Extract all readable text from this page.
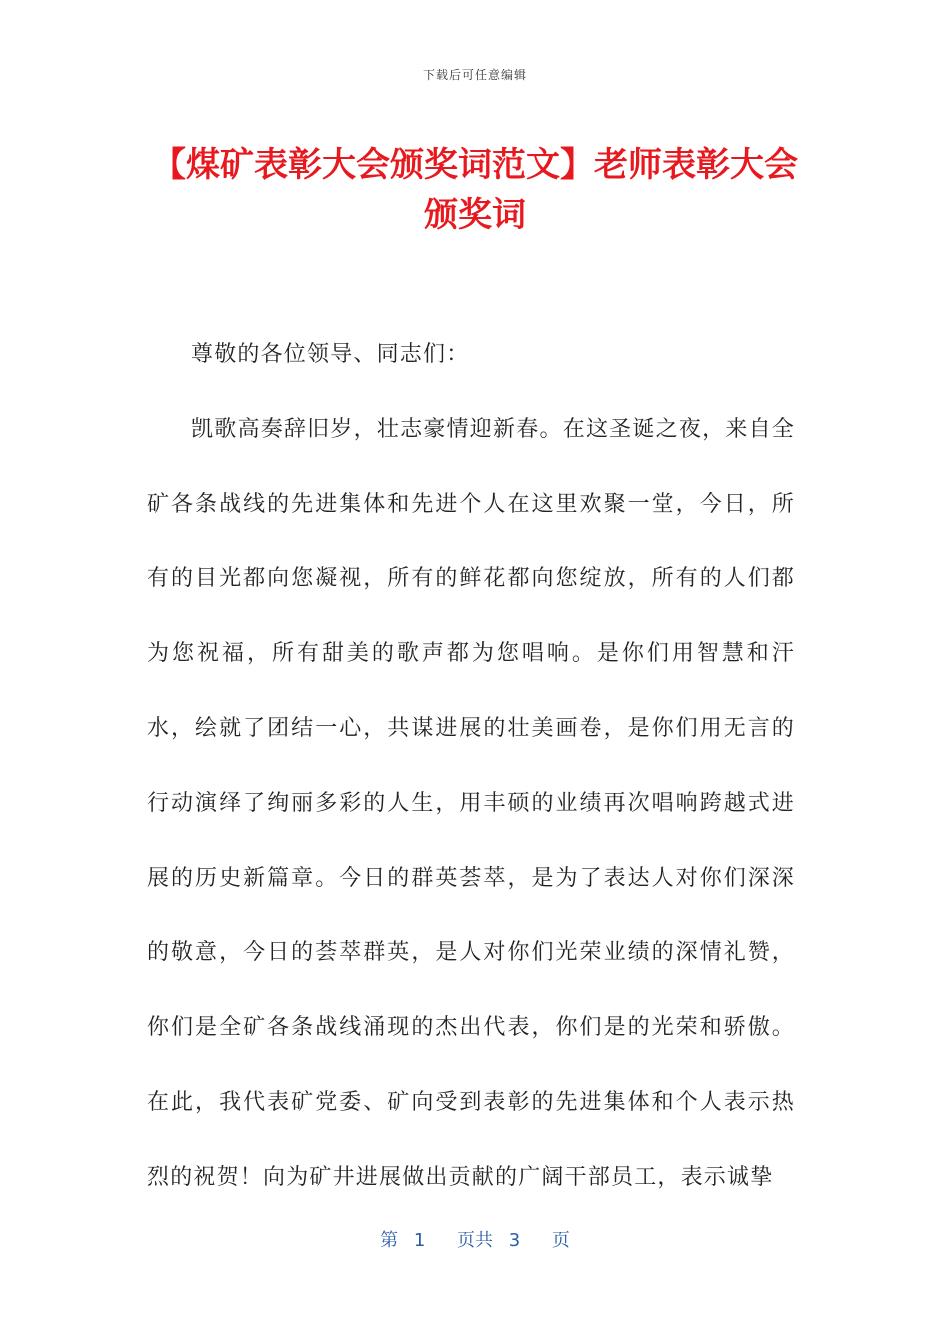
下载后可任意编辑
【煤矿表彰大会颁奖词范文】老师表彰大会颁奖词

尊敬的各位领导、同志们：

凯歌高奏辞旧岁，壮志豪情迎新春。在这圣诞之夜，来自全矿各条战线的先进集体和先进个人在这里欢聚一堂，今日，所有的目光都向您凝视，所有的鲜花都向您绽放，所有的人们都为您祝福，所有甜美的歌声都为您唱响。是你们用智慧和汗水，绘就了团结一心，共谋进展的壮美画卷，是你们用无言的行动演绎了绚丽多彩的人生，用丰硕的业绩再次唱响跨越式进展的历史新篇章。今日的群英荟萃，是为了表达人对你们深深的敬意，今日的荟萃群英，是人对你们光荣业绩的深情礼赞，你们是全矿各条战线涌现的杰出代表，你们是的光荣和骄傲。在此，我代表矿党委、矿向受到表彰的先进集体和个人表示热烈的祝贺！向为矿井进展做出贡献的广阔干部员工，表示诚挚

第 1 页共 3 页
